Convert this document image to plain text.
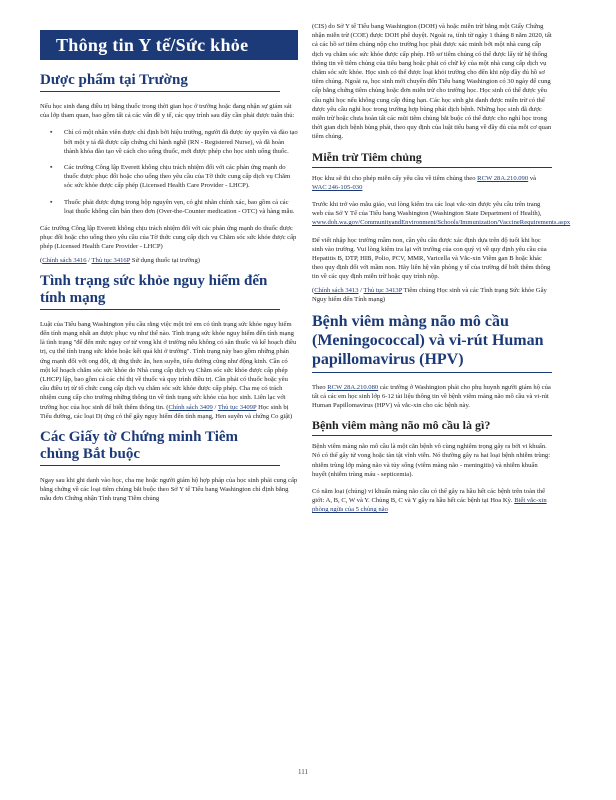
Thông tin Y tế/Sức khỏe
Dược phẩm tại Trường

Nếu học sinh đang điều trị bằng thuốc trong thời gian học ở trường hoặc đang nhận sự giám sát của lớp tham quan, bao gồm tất cả các vấn đề y tế, các quy trình sau đây cần phải được tuân thủ:

▪ Chỉ có một nhân viên được chỉ định bởi hiệu trưởng, người đã được ủy quyền và đào tạo bởi một y tá đã được cấp chứng chỉ hành nghề (RN - Registered Nurse), và đã hoàn thành khóa đào tạo về cách cho uống thuốc, mới được phép cho học sinh uống thuốc.
▪ Các trường Công lập Everett không chịu trách nhiệm đối với các phản ứng mạnh do thuốc được phục đổi hoặc cho uống theo yêu cầu của Tờ thức cung cấp dịch vụ Chăm sóc sức khỏe được cấp phép (Licensed Health Care Provider - LHCP).
▪ Thuốc phải được đựng trong hộp nguyên vẹn, có ghi nhãn chính xác, bao gồm cả các loại thuốc không cần bán theo đơn (Over-the-Counter medication - OTC) và hàng mẫu.

Các trường Công lập Everett không chịu trách nhiệm đối với các phản ứng mạnh do thuốc được phục đổi hoặc cho uống theo yêu cầu của Tờ thức cung cấp dịch vụ Chăm sóc sức khỏe được cấp phép (Licensed Health Care Provider - LHCP)

(Chính sách 3416 / Thủ tục 3416P Sử dụng thuốc tại trường)

Tình trạng sức khỏe nguy hiểm đến tính mạng

Luật của Tiểu bang Washington yêu cầu rằng việc một trẻ em có tình trạng sức khỏe nguy hiểm đến tính mạng nhất an được phục vụ như thế nào. Tình trạng sức khỏe nguy hiểm đến tính mạng là tình trạng "để đến mức nguy cơ tử vong khi ở trường nếu không có sẵn thuốc và kế hoạch điều trị, cụ thể tính trạng sức khỏe hoặc kết quả khi ở trường". Tình trạng này bao gồm những phản ứng mạnh đối với ong đốt, dị ứng thức ăn, hen suyễn, tiểu đường cũng như động kinh. Cần có một kế hoạch chăm sóc sức khỏe do Nhà cung cấp dịch vụ Chăm sóc sức khỏe được cấp phép (LHCP) lập, bao gồm cả các chỉ thị về thuốc và quy trình điều trị. Cần phải có thuốc hoặc yêu cầu điều trị từ tổ chức cung cấp dịch vụ chăm sóc sức khỏe được cấp phép. Cha mẹ có trách nhiệm cung cấp cho trường những thông tin về tình trạng sức khỏe của học sinh. Liên lạc với trường học của học sinh để biết thêm thông tin. (Chính sách 3409 / Thủ tục 3409P Học sinh bị Tiểu đường, các loại Dị ứng có thể gây nguy hiểm đến tính mạng, Hen suyễn và chứng Co giật)

Các Giấy tờ Chứng minh Tiêm chủng Bắt buộc

Ngay sau khi ghi danh vào học, cha mẹ hoặc người giám hộ hợp pháp của học sinh phải cung cấp bằng chứng về các loại tiêm chủng bắt buộc theo Sở Y tế Tiểu bang Washington chỉ định bằng mẫu đơn Chứng nhận Tình trạng Tiêm chủng

(CIS) do Sở Y tế Tiểu bang Washington (DOH) và hoặc miễn trừ bằng một Giấy Chứng nhận miễn trừ (COE) được DOH phê duyệt. Ngoài ra, tính từ ngày 1 tháng 8 năm 2020, tất cả các hồ sơ tiêm chủng nộp cho trường học phải được xác minh bởi một nhà cung cấp dịch vụ chăm sóc sức khỏe được cấp phép. Hồ sơ tiêm chủng có thể được lấy từ hệ thống thông tin về tiêm chủng của tiểu bang hoặc phải có chữ ký của một nhà cung cấp dịch vụ chăm sóc sức khỏe. Học sinh có thể được loại khỏi trường cho đến khi nộp đầy đủ hồ sơ tiêm chủng. Ngoài ra, học sinh mới chuyển đến Tiểu bang Washington có 30 ngày để cung cấp bằng chứng tiêm chủng hoặc đơn miễn trừ cho trường học. Học sinh có thể được yêu cầu nghỉ học nếu không cung cấp đúng hạn. Các học sinh ghi danh được miễn trừ có thể được yêu cầu nghỉ học trong trường hợp bùng phát dịch bệnh. Những học sinh đã được miễn trừ hoặc chưa hoàn tất các mũi tiêm chủng bắt buộc có thể được cho nghỉ học trong thời gian dịch bệnh bùng phát, theo quy định của luật tiểu bang về đầy đủ của mỗi cơ quan tiêm chủng.

Miễn trừ Tiêm chủng

Học khu sẽ thi cho phép miễn cấy yêu cầu về tiêm chủng theo RCW 28A.210.090 và WAC 246-105-030

Trước khi trở vào mẫu giáo, vui lòng kiểm tra các loại vắc-xin được yêu cầu trên trang web của Sở Y Tế của Tiểu bang Washington (Washington State Department of Health), www.doh.wa.gov/CommunityandEnvironment/Schools/Immunization/VaccineRequirements.aspx

Để viết nhập học trường mầm non, cần yêu cầu được xác định dựa trên độ tuổi khi học sinh vào trường. Vui lòng kiểm tra lại với trường của con quý vị về quy định yêu cầu của Hepatitis B, DTP, HIB, Polio, PCV, MMR, Varicella và Vắc-xin Viêm gan B hoặc khác theo quy định đối với mầm non. Hãy liên hệ văn phòng y tế của trường để biết thêm thông tin về các quy định miễn trừ hoặc quy trình nộp.

(Chính sách 3413 / Thủ tục 3413P Tiêm chủng Học sinh và các Tình trạng Sức khỏe Gây Nguy hiểm đến Tính mạng)

Bệnh viêm màng não mô cầu (Meningococcal) và vi-rút Human papillomavirus (HPV)

Theo RCW 28A.210.080 các trường ở Washington phải cho phụ huynh người giám hộ của tất cả các em học sinh lớp 6-12 tài liệu thông tin về bệnh viêm màng não mô cầu và vi-rút Human Papillomavirus (HPV) và vắc-xin cho các bệnh này.

Bệnh viêm màng não mô cầu là gì?

Bệnh viêm màng não mô cầu là một căn bệnh vô cùng nghiêm trọng gây ra bởi vi khuẩn. Nó có thể gây tử vong hoặc tàn tật vĩnh viễn. Nó thường gây ra hai loại bệnh nhiễm trùng: nhiễm trùng lớp màng não và tủy sống (viêm màng não - meningitis) và nhiễm khuẩn huyết (nhiễm trùng máu - septicemia).

Có năm loại (chủng) vi khuẩn màng não cầu có thể gây ra hầu hết các bệnh trên toàn thế giới: A, B, C, W và Y. Chủng B, C và Y gây ra hầu hết các bệnh tại Hoa Kỳ. Biết vắc-xin phòng ngừa của 5 chủng não

111
